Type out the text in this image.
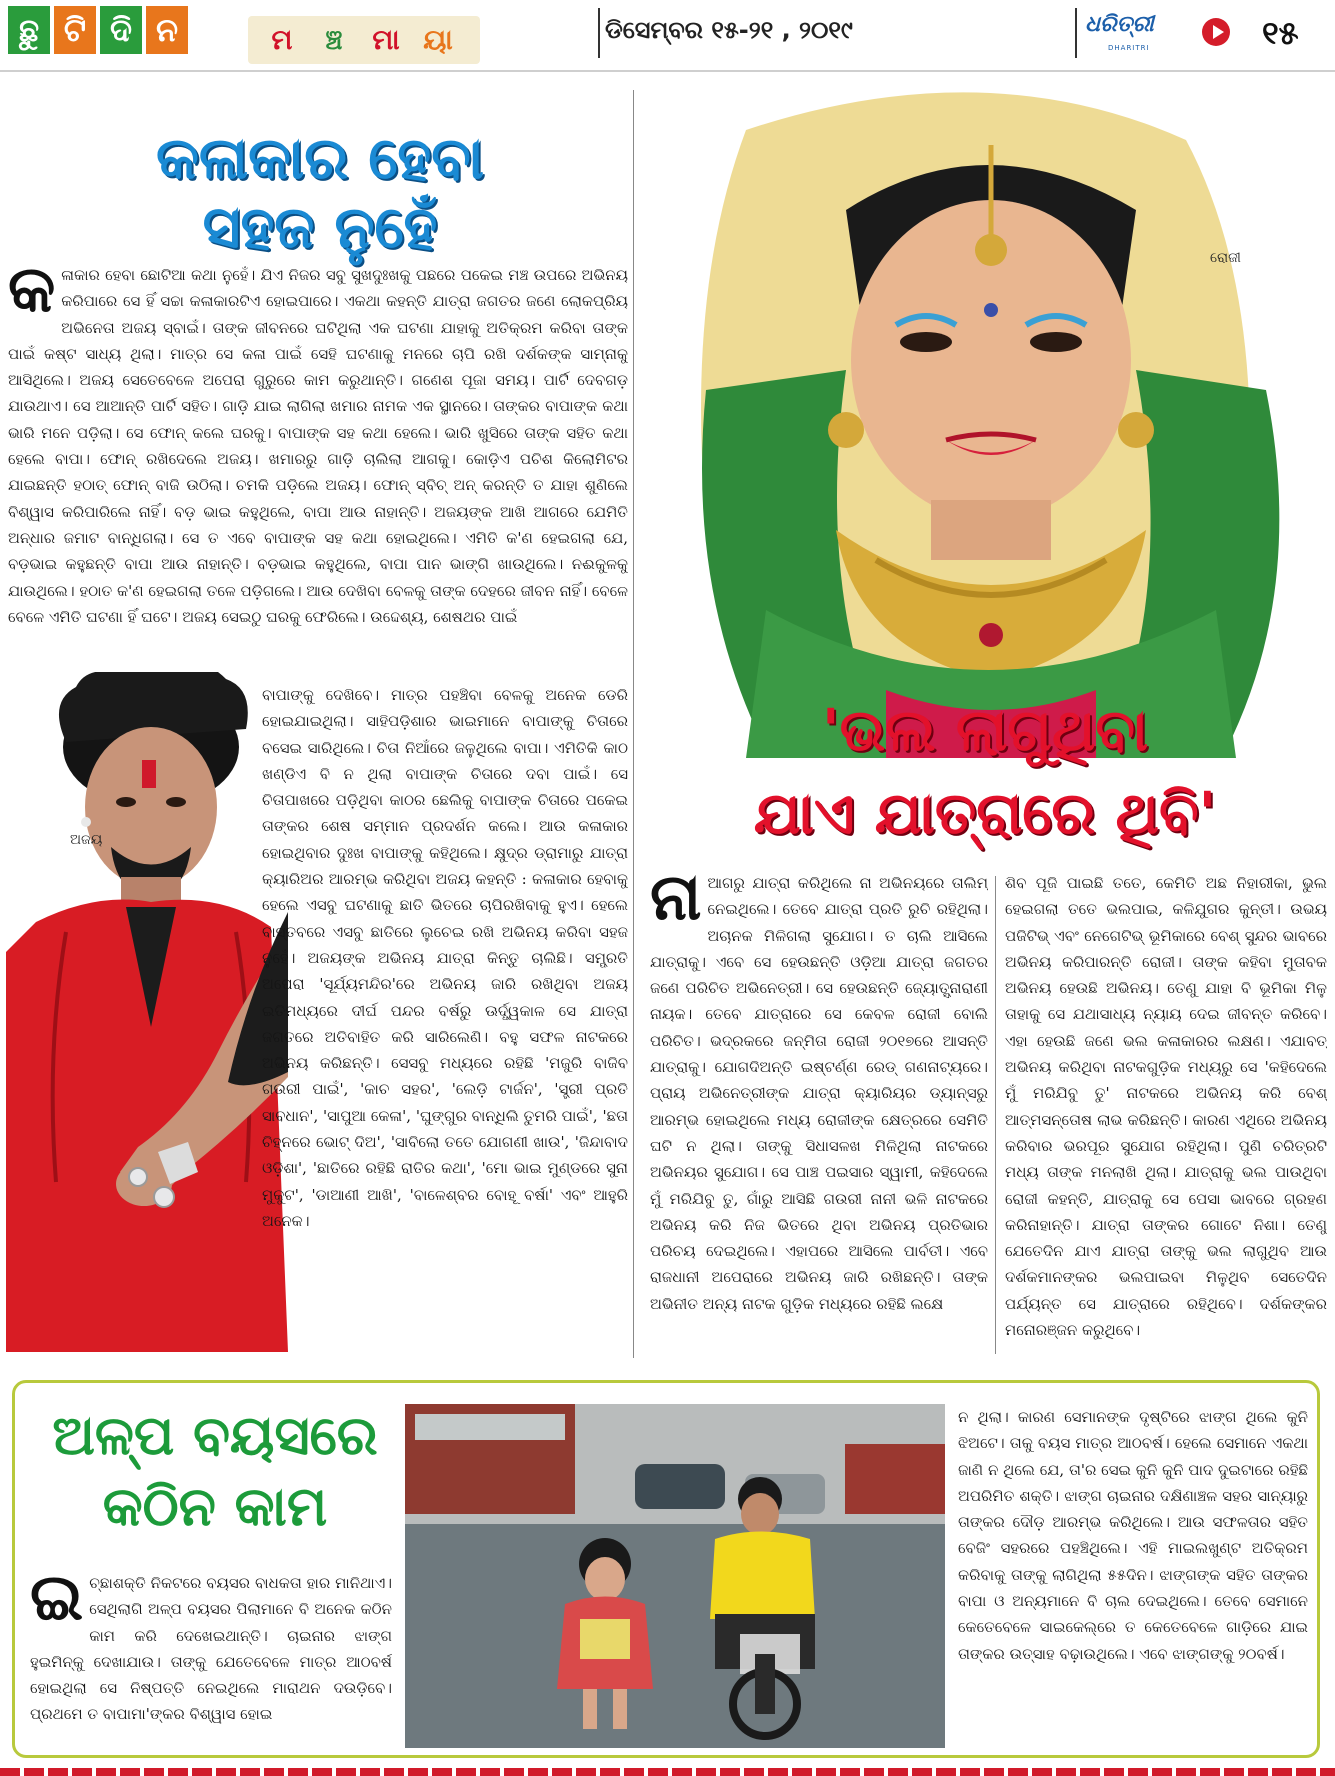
ଛୁ ଟି ଦି ନ	ମ	ଞ୍ଚ	ମା ୟା	ଡିସେମ୍ବର ୧୫-୨୧ , ୨୦୧୯	ଧରିତ୍ରୀ
DHARITRI	୧୫
କଳାକାର ହେବା
ସହଜ ନୁହେଁ
କ ଳାକାର ହେବା ଛୋଟିଆ କଥା ନୁହେଁ। ଯିଏ ନିଜର ସବୁ ସୁଖଦୁଃଖକୁ ପଛରେ ପକେଇ ମଞ୍ଚ ଉପରେ ଅଭିନୟ କରିପାରେ ସେ ହିଁ ସଚ୍ଚା କଳାକାରଟିଏ ହୋଇପାରେ। ଏକଥା କହନ୍ତି ଯାତ୍ରା ଜଗତର ଜଣେ ଲୋକପ୍ରିୟ ଅଭିନେତା ଅଜୟ ସ୍ବାଇଁ। ତାଙ୍କ ଜୀବନରେ ଘଟିଥିଲା ଏକ ଘଟଣା ଯାହାକୁ ଅତିକ୍ରମ କରିବା ତାଙ୍କ ପାଇଁ କଷ୍ଟ ସାଧ୍ୟ ଥିଲା। ମାତ୍ର ସେ କଳା ପାଇଁ ସେହି ଘଟଣାକୁ ମନରେ ଚାପି ରଖି ଦର୍ଶକଙ୍କ ସାମ୍ନାକୁ ଆସିଥିଲେ। ଅଜୟ ସେତେବେଳେ ଅପେରା ଗୁରୁରେ କାମ କରୁଥାନ୍ତି। ଗଣେଶ ପୂଜା ସମୟ। ପାର୍ଟି ଦେବଗଡ଼ ଯାଉଥାଏ। ସେ ଆଆନ୍ତି ପାର୍ଟି ସହିତ। ଗାଡ଼ି ଯାଇ ଲାଗିଲା ଖମାର ନାମକ ଏକ ସ୍ଥାନରେ। ତାଙ୍କର ବାପାଙ୍କ କଥା ଭାରି ମନେ ପଡ଼ିଲା। ସେ ଫୋନ୍ କଲେ ଘରକୁ। ବାପାଙ୍କ ସହ କଥା ହେଲେ। ଭାରି ଖୁସିରେ ତାଙ୍କ ସହିତ କଥା ହେଲେ ବାପା। ଫୋନ୍ ରଖିଦେଲେ ଅଜୟ। ଖମାରରୁ ଗାଡ଼ି ଚାଲିଲା ଆଗକୁ। କୋଡ଼ିଏ ପଚିଶ କିଲୋମିଟର ଯାଇଛନ୍ତି ହଠାତ୍ ଫୋନ୍ ବାଜି ଉଠିଲା। ଚମକି ପଡ଼ିଲେ ଅଜୟ। ଫୋନ୍ ସ୍ବିଚ୍ ଅନ୍ କରନ୍ତି ତ ଯାହା ଶୁଣିଲେ ବିଶ୍ୱାସ କରିପାରିଲେ ନାହିଁ। ବଡ଼ ଭାଇ କହୁଥିଲେ, ବାପା ଆଉ ନାହାନ୍ତି। ଅଜୟଙ୍କ ଆଖି ଆଗରେ ଯେମିତି ଅନ୍ଧାର ଜମାଟ ବାନ୍ଧିଗଲା। ସେ ତ ଏବେ ବାପାଙ୍କ ସହ କଥା ହୋଇଥିଲେ। ଏମିତି କ'ଣ ହେଇଗଲା ଯେ, ବଡ଼ଭାଇ କହୁଛନ୍ତି ବାପା ଆଉ ନାହାନ୍ତି। ବଡ଼ଭାଇ କହୁଥିଲେ, ବାପା ପାନ ଭାଙ୍ଗି ଖାଉଥିଲେ। ନଈକୁଳକୁ ଯାଉଥିଲେ। ହଠାତ କ'ଣ ହେଇଗଲା ତଳେ ପଡ଼ିଗଲେ। ଆଉ ଦେଖିବା ବେଳକୁ ତାଙ୍କ ଦେହରେ ଜୀବନ ନାହିଁ। ବେଳେ ବେଳେ ଏମିତି ଘଟଣା ହିଁ ଘଟେ। ଅଜୟ ସେଇଠୁ ଘରକୁ ଫେରିଲେ। ଉଦ୍ଦେଶ୍ୟ, ଶେଷଥର ପାଇଁ
ଅଜୟ
ବାପାଙ୍କୁ ଦେଖିବେ। ମାତ୍ର ପହଞ୍ଚିବା ବେଳକୁ ଅନେକ ଡେରି ହୋଇଯାଇଥିଲା। ସାହିପଡ଼ିଶାର ଭାଇମାନେ ବାପାଙ୍କୁ ଚିତାରେ ବସେଇ ସାରିଥିଲେ। ଚିତା ନିଆଁରେ ଜଳୁଥିଲେ ବାପା। ଏମିତିକି କାଠ ଖଣ୍ଡିଏ ବି ନ ଥିଲା ବାପାଙ୍କ ଚିତାରେ ଦବା ପାଇଁ। ସେ ଚିତାପାଖରେ ପଡ଼ିଥିବା କାଠର ଛେଲିକୁ ବାପାଙ୍କ ଚିତାରେ ପକେଇ ତାଙ୍କର ଶେଷ ସମ୍ମାନ ପ୍ରଦର୍ଶନ କଲେ। ଆଉ କଳାକାର ହୋଇଥିବାର ଦୁଃଖ ବାପାଙ୍କୁ କହିଥିଲେ। କ୍ଷୁଦ୍ର ଡ୍ରାମାରୁ ଯାତ୍ରା କ୍ୟାରିଅର ଆରମ୍ଭ କରିଥିବା ଅଜୟ କହନ୍ତି : କଳାକାର ହେବାକୁ ହେଲେ ଏସବୁ ଘଟଣାକୁ ଛାତି ଭିତରେ ଚାପିରଖିବାକୁ ହୁଏ। ହେଲେ ବାସ୍ତବରେ ଏସବୁ ଛାତିରେ ଲୁଚେଇ ରଖି ଅଭିନୟ କରିବା ସହଜ ନୁହେଁ। ଅଜୟଙ୍କ ଅଭିନୟ ଯାତ୍ରା କିନ୍ତୁ ଚାଲିଛି। ସମ୍ପ୍ରତି ଅପେରା 'ସୂର୍ଯ୍ୟମନ୍ଦିର'ରେ ଅଭିନୟ ଜାରି ରଖିଥିବା ଅଜୟ ଇତିମଧ୍ୟରେ ଦୀର୍ଘ ପନ୍ଦର ବର୍ଷରୁ ଊର୍ଦ୍ଧ୍ୱକାଳ ସେ ଯାତ୍ରା ଜଗତରେ ଅତିବାହିତ କରି ସାରିଲେଣି। ବହୁ ସଫଳ ନାଟକରେ ଅଭିନୟ କରିଛନ୍ତି। ସେସବୁ ମଧ୍ୟରେ ରହିଛି 'ମଜୁରି ବାଜିବ ଗଉରୀ ପାଇଁ', 'କାଚ ସହର', 'ଲେଡ଼ି ଟାର୍ଜନ', 'ସ୍ତ୍ରୀ ପ୍ରତି ସାବଧାନ', 'ସାପୁଆ କେଳା', 'ଘୁଙ୍ଗୁର ବାନ୍ଧିଲି ତୁମରି ପାଇଁ', 'ଛତା ଚିହ୍ନରେ ଭୋଟ୍ ଦିଅ', 'ସାବିଲୋ ତତେ ଯୋଗଣୀ ଖାଉ', 'ଜିନ୍ଦାବାଦ ଓଡ଼ିଶା', 'ଛାତିରେ ରହିଛି ରାତିର କଥା', 'ମୋ ଭାଇ ମୁଣ୍ଡରେ ସୁନା ମୁକୁଟ', 'ଡାଆଣୀ ଆଖି', 'ବାଳେଶ୍ବର ବୋହୂ ବର୍ଷା' ଏବଂ ଆହୁରି ଅନେକ।
ରୋଜୀ
'ଭଲ ଲାଗୁଥିବା
ଯାଏ ଯାତ୍ରାରେ ଥିବି'
ନା ଆଗରୁ ଯାତ୍ରା କରିଥିଲେ ନା ଅଭିନୟରେ ତାଲିମ୍ ନେଇଥିଲେ। ତେବେ ଯାତ୍ରା ପ୍ରତି ରୁଚି ରହିଥିଲା। ଅଚାନକ ମିଳିଗଲା ସୁଯୋଗ। ତ ଚାଲି ଆସିଲେ ଯାତ୍ରାକୁ। ଏବେ ସେ ହେଉଛନ୍ତି ଓଡ଼ିଆ ଯାତ୍ରା ଜଗତର ଜଣେ ପରିଚିତ ଅଭିନେତ୍ରୀ। ସେ ହେଉଛନ୍ତି ଜ୍ୟୋତ୍ସ୍ନାରାଣୀ ନାୟକ। ତେବେ ଯାତ୍ରାରେ ସେ କେବଳ ରୋଜୀ ବୋଲି ପରିଚିତ। ଭଦ୍ରକରେ ଜନ୍ମିତା ରୋଜୀ ୨୦୧୭ରେ ଆସନ୍ତି ଯାତ୍ରାକୁ। ଯୋଗଦିଅନ୍ତି ଇଷ୍ଟର୍ଣ୍ଣ ରେଡ୍ ଗଣନାଟ୍ୟରେ। ପ୍ରାୟ ଅଭିନେତ୍ରୀଙ୍କ ଯାତ୍ରା କ୍ୟାରିୟର ଡ୍ୟାନ୍ସରୁ ଆରମ୍ଭ ହୋଇଥିଲେ ମଧ୍ୟ ରୋଜୀଙ୍କ କ୍ଷେତ୍ରରେ ସେମିତି ଘଟି ନ ଥିଲା। ତାଙ୍କୁ ସିଧାସଳଖ ମିଳିଥିଲା ନାଟକରେ ଅଭିନୟର ସୁଯୋଗ। ସେ ପାଞ୍ଚ ପଇସାର ସ୍ୱାମୀ, କହିଦେଲେ ମୁଁ ମରିଯିବୁ ତୁ, ଗାଁରୁ ଆସିଛି ଗଉରୀ ନାନୀ ଭଳି ନାଟକରେ ଅଭିନୟ କରି ନିଜ ଭିତରେ ଥିବା ଅଭିନୟ ପ୍ରତିଭାର ପରିଚୟ ଦେଇଥିଲେ। ଏହାପରେ ଆସିଲେ ପାର୍ବତୀ। ଏବେ ରାଜଧାନୀ ଅପେରାରେ ଅଭିନୟ ଜାରି ରଖିଛନ୍ତି। ତାଙ୍କ ଅଭିନୀତ ଅନ୍ୟ ନାଟକ ଗୁଡ଼ିକ ମଧ୍ୟରେ ରହିଛି ଲକ୍ଷେ
ଶିବ ପୂଜି ପାଇଛି ତତେ, କେମିତି ଅଛ ନିହାରୀକା, ଭୁଲ ହେଇଗଲା ତତେ ଭଲପାଇ, କଳିଯୁଗର କୁନ୍ତୀ। ଉଭୟ ପଜିଟିଭ୍ ଏବଂ ନେଗେଟିଭ୍ ଭୂମିକାରେ ବେଶ୍ ସୁନ୍ଦର ଭାବରେ ଅଭିନୟ କରିପାରନ୍ତି ରୋଜୀ। ତାଙ୍କ କହିବା ମୁତାବକ ଅଭିନୟ ହେଉଛି ଅଭିନୟ। ତେଣୁ ଯାହା ବି ଭୂମିକା ମିଳୁ ତାହାକୁ ସେ ଯଥାସାଧ୍ୟ ନ୍ୟାୟ ଦେଇ ଜୀବନ୍ତ କରିବେ। ଏହା ହେଉଛି ଜଣେ ଭଲ କଳାକାରର ଲକ୍ଷଣ। ଏଯାବତ୍ ଅଭିନୟ କରିଥିବା ନାଟକଗୁଡ଼ିକ ମଧ୍ୟରୁ ସେ 'କହିଦେଲେ ମୁଁ ମରିଯିବୁ ତୁ' ନାଟକରେ ଅଭିନୟ କରି ବେଶ୍ ଆତ୍ମସନ୍ତୋଷ ଲାଭ କରିଛନ୍ତି। କାରଣ ଏଥିରେ ଅଭିନୟ କରିବାର ଭରପୂର ସୁଯୋଗ ରହିଥିଲା। ପୁଣି ଚରିତ୍ରଟି ମଧ୍ୟ ତାଙ୍କ ମନଲାଖି ଥିଲା। ଯାତ୍ରାକୁ ଭଲ ପାଉଥିବା ରୋଜୀ କହନ୍ତି, ଯାତ୍ରାକୁ ସେ ପେସା ଭାବରେ ଗ୍ରହଣ କରିନାହାନ୍ତି। ଯାତ୍ରା ତାଙ୍କର ଗୋଟେ ନିଶା। ତେଣୁ ଯେତେଦିନ ଯାଏ ଯାତ୍ରା ତାଙ୍କୁ ଭଲ ଲାଗୁଥିବ ଆଉ ଦର୍ଶକମାନଙ୍କର ଭଲପାଇବା ମିଳୁଥିବ ସେତେଦିନ ପର୍ଯ୍ୟନ୍ତ ସେ ଯାତ୍ରାରେ ରହିଥିବେ। ଦର୍ଶକଙ୍କର ମନୋରଞ୍ଜନ କରୁଥିବେ।
ଅଳ୍ପ ବୟସରେ
କଠିନ କାମ
ଇ ଚ୍ଛାଶକ୍ତି ନିକଟରେ ବୟସର ବାଧକତା ହାର ମାନିଥାଏ। ସେଥିଲାଗି ଅଳ୍ପ ବୟସର ପିଲାମାନେ ବି ଅନେକ କଠିନ କାମ କରି ଦେଖେଇଥାନ୍ତି। ଚାଇନାର ଝାଙ୍ଗ ହୁଇମିନ୍‌କୁ ଦେଖାଯାଉ। ତାଙ୍କୁ ଯେତେବେଳେ ମାତ୍ର ଆଠବର୍ଷ ହୋଇଥିଲା ସେ ନିଷ୍ପତ୍ତି ନେଇଥିଲେ ମାରାଥନ ଦଉଡ଼ିବେ। ପ୍ରଥମେ ତ ବାପାମା'ଙ୍କର ବିଶ୍ୱାସ ହୋଇ
ନ ଥିଲା। କାରଣ ସେମାନଙ୍କ ଦୃଷ୍ଟିରେ ଝାଙ୍ଗ ଥିଲେ କୁନି ଝିଅଟେ। ତାକୁ ବୟସ ମାତ୍ର ଆଠବର୍ଷ। ହେଲେ ସେମାନେ ଏକଥା ଜାଣି ନ ଥିଲେ ଯେ, ତା'ର ସେଇ କୁନି କୁନି ପାଦ ଦୁଇଟାରେ ରହିଛି ଅପରିମିତ ଶକ୍ତି। ଝାଙ୍ଗ ଚାଇନାର ଦକ୍ଷିଣାଞ୍ଚଳ ସହର ସାନ୍ୟାରୁ ତାଙ୍କର ଦୌଡ଼ ଆରମ୍ଭ କରିଥିଲେ। ଆଉ ସଫଳତାର ସହିତ ବେଜିଂ ସହରରେ ପହଞ୍ଚିଥିଲେ। ଏହି ମାଇଲଖୁଣ୍ଟ ଅତିକ୍ରମ କରିବାକୁ ତାଙ୍କୁ ଲାଗିଥିଲା ୫୫ଦିନ। ଝାଙ୍ଗଙ୍କ ସହିତ ତାଙ୍କର ବାପା ଓ ଅନ୍ୟମାନେ ବି ଚାଲ ଦେଇଥିଲେ। ତେବେ ସେମାନେ କେତେବେଳେ ସାଇକେଲ୍‌ରେ ତ କେତେବେଳେ ଗାଡ଼ିରେ ଯାଇ ତାଙ୍କର ଉତ୍ସାହ ବଢ଼ାଉଥିଲେ। ଏବେ ଝାଙ୍ଗଙ୍କୁ ୨୦ବର୍ଷ।
